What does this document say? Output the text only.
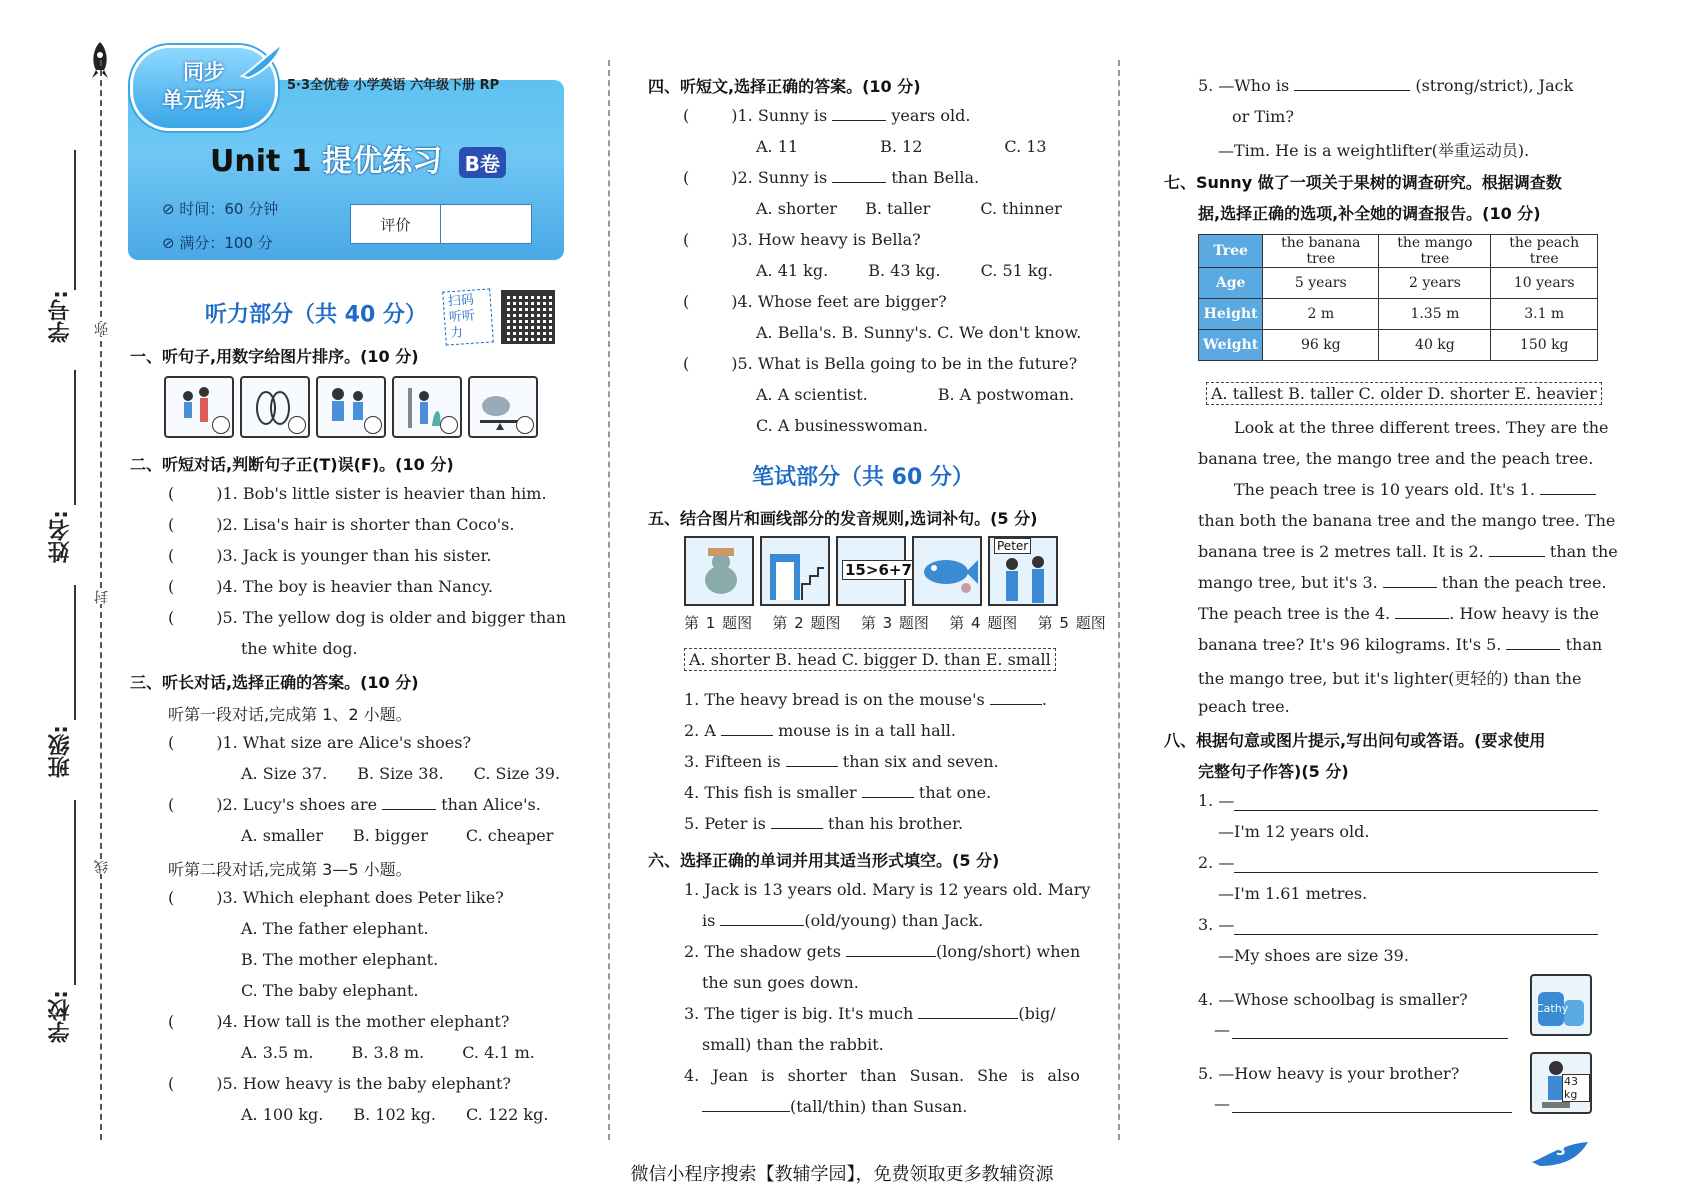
学号: 弥
姓名:
封
班级:
线
学校:
同步
单元练习
5·3全优卷 小学英语 六年级下册 RP
Unit 1 提优练习 B卷
⊘ 时间：60 分钟
⊘ 满分：100 分
评价
听力部分（共 40 分） 扫码听听力
一、听句子,用数字给图片排序。(10 分)
二、听短对话,判断句子正(T)误(F)。(10 分)
(	)1. Bob's little sister is heavier than him.
(	)2. Lisa's hair is shorter than Coco's.
(	)3. Jack is younger than his sister.
(	)4. The boy is heavier than Nancy.
(	)5. The yellow dog is older and bigger than
the white dog.
三、听长对话,选择正确的答案。(10 分)
听第一段对话,完成第 1、2 小题。
(	)1. What size are Alice's shoes?
A. Size 37. B. Size 38. C. Size 39.
(	)2. Lucy's shoes are	than Alice's.
A. smaller B. bigger C. cheaper
听第二段对话,完成第 3—5 小题。
(	)3. Which elephant does Peter like?
A. The father elephant.
B. The mother elephant.
C. The baby elephant.
(	)4. How tall is the mother elephant?
A. 3.5 m. B. 3.8 m. C. 4.1 m.
(	)5. How heavy is the baby elephant?
A. 100 kg. B. 102 kg. C. 122 kg.
四、听短文,选择正确的答案。(10 分)
(	)1. Sunny is	years old.
A. 11	B. 12	C. 13
(	)2. Sunny is	than Bella.
A. shorter B. taller	C. thinner
(	)3. How heavy is Bella?
A. 41 kg.	B. 43 kg.	C. 51 kg.
(	)4. Whose feet are bigger?
A. Bella's. B. Sunny's. C. We don't know.
(	)5. What is Bella going to be in the future?
A. A scientist.	B. A postwoman.
C. A businesswoman.
笔试部分（共 60 分）
五、结合图片和画线部分的发音规则,选词补句。(5 分)
15>6+7
Peter
第 1 题图 第 2 题图 第 3 题图 第 4 题图 第 5 题图
A. shorter B. head C. bigger D. than E. small
1. The heavy bread is on the mouse's	.
2. A	mouse is in a tall hall.
3. Fifteen is	than six and seven.
4. This fish is smaller	that one.
5. Peter is	than his brother.
六、选择正确的单词并用其适当形式填空。(5 分)
1. Jack is 13 years old. Mary is 12 years old. Mary
is	(old/young) than Jack.
2. The shadow gets	(long/short) when
the sun goes down.
3. The tiger is big. It's much	(big/
small) than the rabbit.
4. Jean is shorter than Susan. She is also
(tall/thin) than Susan.
5. —Who is	(strong/strict), Jack
or Tim?
—Tim. He is a weightlifter(举重运动员).
七、Sunny 做了一项关于果树的调查研究。根据调查数
据,选择正确的选项,补全她的调查报告。(10 分)
Tree	the banana tree	the mango tree	the peach tree
Age	5 years	2 years	10 years
Height	2 m	1.35 m	3.1 m
Weight	96 kg	40 kg	150 kg
A. tallest B. taller C. older D. shorter E. heavier
Look at the three different trees. They are the
banana tree, the mango tree and the peach tree.
The peach tree is 10 years old. It's 1.
than both the banana tree and the mango tree. The
banana tree is 2 metres tall. It is 2.	than the
mango tree, but it's 3.	than the peach tree.
The peach tree is the 4.	. How heavy is the
banana tree? It's 96 kilograms. It's 5.	than
the mango tree, but it's lighter(更轻的) than the
peach tree.
八、根据句意或图片提示,写出问句或答语。(要求使用
完整句子作答)(5 分)
1. —
—I'm 12 years old.
2. —
—I'm 1.61 metres.
3. —
—My shoes are size 39.
4. —Whose schoolbag is smaller?
—
Cathy
5. —How heavy is your brother?
—
43 kg
微信小程序搜索【教辅学园】，免费领取更多教辅资源
3
